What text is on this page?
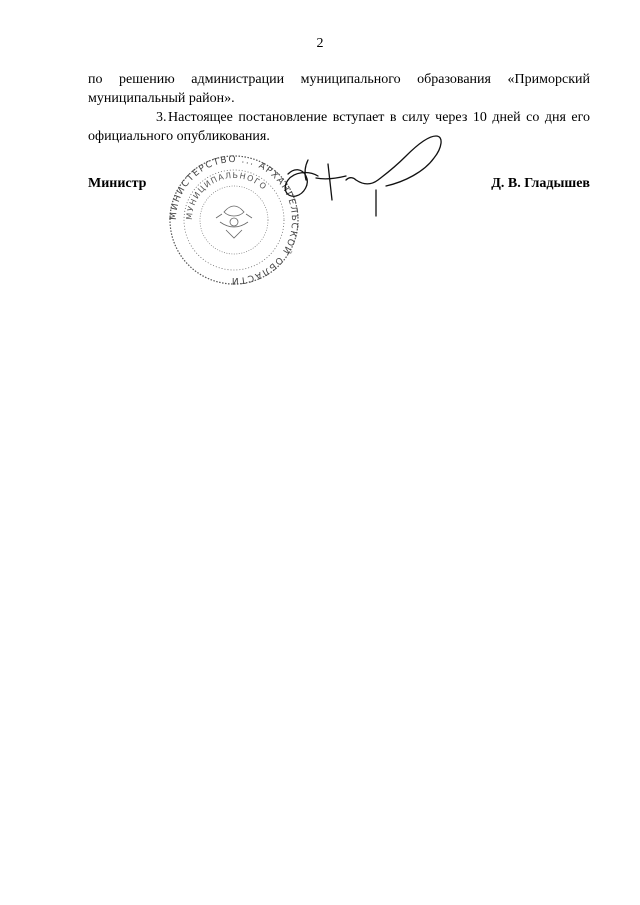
2

по решению администрации муниципального образования «Приморский муниципальный район».

3. Настоящее постановление вступает в силу через 10 дней со дня его официального опубликования.

Министр	Д. В. Гладышев
МИНИСТЕРСТВО ... АРХАНГЕЛЬСКОЙ ОБЛАСТИ
МУНИЦИПАЛЬНОГО
